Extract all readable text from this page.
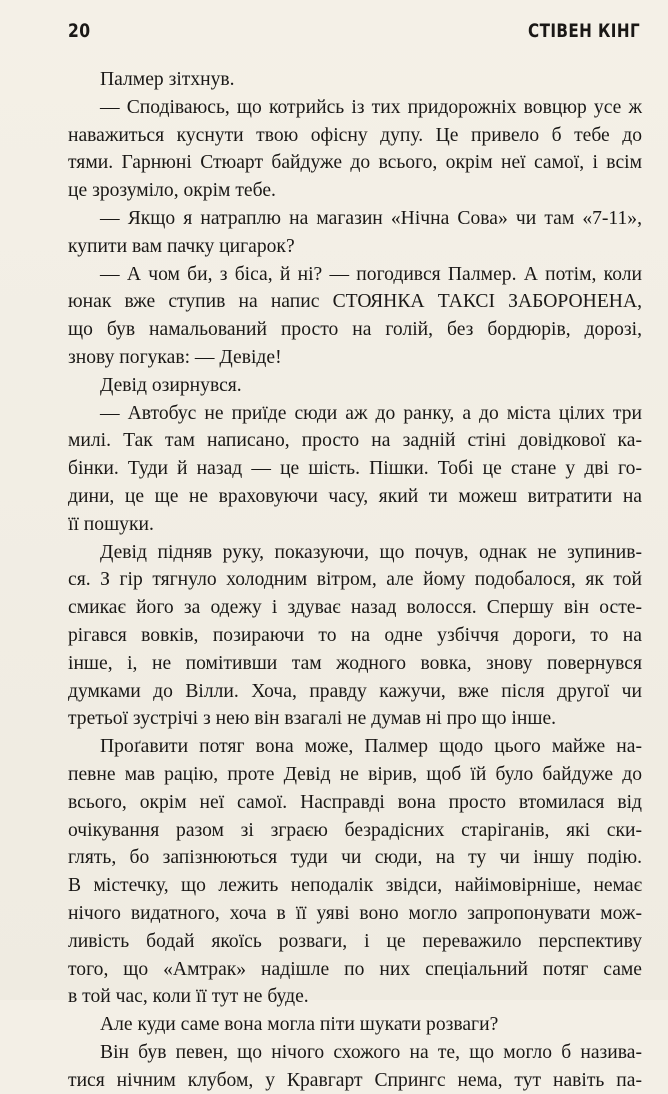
20	СТІВЕН КІНГ
Палмер зітхнув.
— Сподіваюсь, що котрийсь із тих придорожніх вовцюр усе ж
наважиться куснути твою офісну дупу. Це привело б тебе до
тями. Гарнюні Стюарт байдуже до всього, окрім неї самої, і всім
це зрозуміло, окрім тебе.
— Якщо я натраплю на магазин «Нічна Сова» чи там «7-11»,
купити вам пачку цигарок?
— А чом би, з біса, й ні? — погодився Палмер. А потім, коли
юнак вже ступив на напис СТОЯНКА ТАКСІ ЗАБОРОНЕНА,
що був намальований просто на голій, без бордюрів, дорозі,
знову погукав: — Девіде!
Девід озирнувся.
— Автобус не приїде сюди аж до ранку, а до міста цілих три
милі. Так там написано, просто на задній стіні довідкової ка-
бінки. Туди й назад — це шість. Пішки. Тобі це стане у дві го-
дини, це ще не враховуючи часу, який ти можеш витратити на
її пошуки.
Девід підняв руку, показуючи, що почув, однак не зупинив-
ся. З гір тягнуло холодним вітром, але йому подобалося, як той
смикає його за одежу і здуває назад волосся. Спершу він осте-
рігався вовків, позираючи то на одне узбіччя дороги, то на
інше, і, не помітивши там жодного вовка, знову повернувся
думками до Вілли. Хоча, правду кажучи, вже після другої чи
третьої зустрічі з нею він взагалі не думав ні про що інше.
Проґавити потяг вона може, Палмер щодо цього майже на-
певне мав рацію, проте Девід не вірив, щоб їй було байдуже до
всього, окрім неї самої. Насправді вона просто втомилася від
очікування разом зі зграєю безрадісних старіганів, які ски-
глять, бо запізнюються туди чи сюди, на ту чи іншу подію.
В містечку, що лежить неподалік звідси, найімовірніше, немає
нічого видатного, хоча в її уяві воно могло запропонувати мож-
ливість бодай якоїсь розваги, і це переважило перспективу
того, що «Амтрак» надішле по них спеціальний потяг саме
в той час, коли її тут не буде.
Але куди саме вона могла піти шукати розваги?
Він був певен, що нічого схожого на те, що могло б назива-
тися нічним клубом, у Кравгарт Спрингс нема, тут навіть па-
